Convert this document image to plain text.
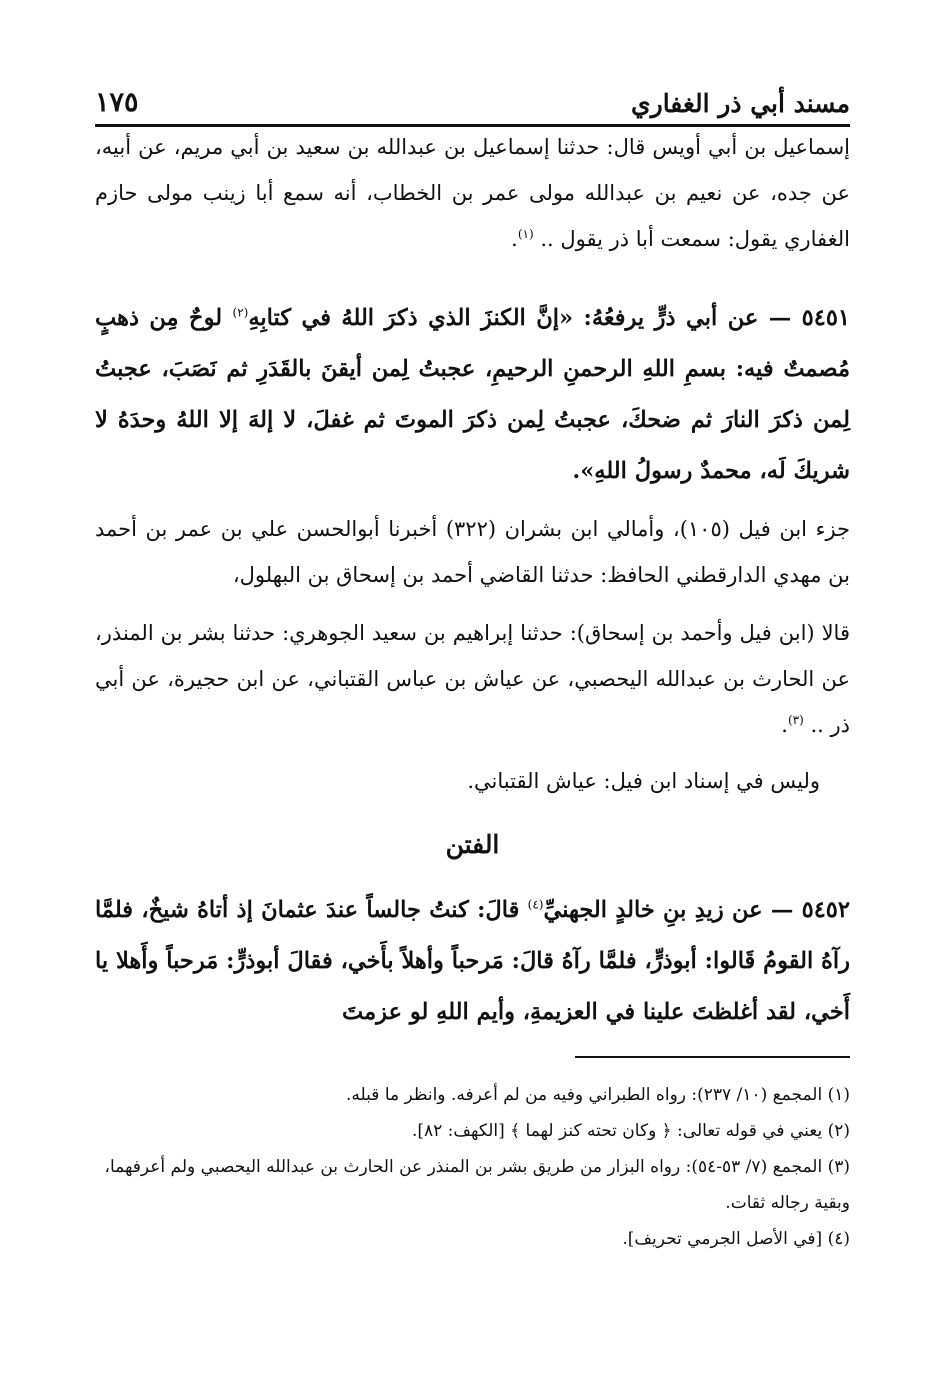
مسند أبي ذر الغفاري
١٧٥

إسماعيل بن أبي أويس قال: حدثنا إسماعيل بن عبدالله بن سعيد بن أبي مريم، عن أبيه، عن جده، عن نعيم بن عبدالله مولى عمر بن الخطاب، أنه سمع أبا زينب مولى حازم الغفاري يقول: سمعت أبا ذر يقول .. $^{(١)}$.

٥٤٥١ — عن أبي ذرٍّ يرفعُهُ: «إنَّ الكنزَ الذي ذكرَ اللهُ في كتابِهِ$^{(٢)}$ لوحٌ مِن ذهبٍ مُصمتٌ فيه: بسمِ اللهِ الرحمنِ الرحيمِ، عجبتُ لِمن أيقنَ بالقَدَرِ ثم نَصَبَ، عجبتُ لِمن ذكرَ النارَ ثم ضحكَ، عجبتُ لِمن ذكرَ الموتَ ثم غفلَ، لا إلهَ إلا اللهُ وحدَهُ لا شريكَ لَه، محمدٌ رسولُ اللهِ».

جزء ابن فيل (١٠٥)، وأمالي ابن بشران (٣٢٢) أخبرنا أبوالحسن علي بن عمر بن أحمد بن مهدي الدارقطني الحافظ: حدثنا القاضي أحمد بن إسحاق بن البهلول،

قالا (ابن فيل وأحمد بن إسحاق): حدثنا إبراهيم بن سعيد الجوهري: حدثنا بشر بن المنذر، عن الحارث بن عبدالله اليحصبي، عن عياش بن عباس القتباني، عن ابن حجيرة، عن أبي ذر .. $^{(٣)}$.

وليس في إسناد ابن فيل: عياش القتباني.

الفتن

٥٤٥٢ — عن زيدِ بنِ خالدٍ الجهنيِّ$^{(٤)}$ قالَ: كنتُ جالساً عندَ عثمانَ إذ أتاهُ شيخٌ، فلمَّا رآهُ القومُ قَالوا: أبوذرٍّ، فلمَّا رآهُ قالَ: مَرحباً وأهلاً بأَخي، فقالَ أبوذرٍّ: مَرحباً وأَهلا يا أَخي، لقد أغلظتَ علينا في العزيمةِ، وأيم اللهِ لو عزمتَ

(١) المجمع (١٠/ ٢٣٧): رواه الطبراني وفيه من لم أعرفه. وانظر ما قبله.
(٢) يعني في قوله تعالى: ﴿ وكان تحته كنز لهما ﴾ [الكهف: ٨٢].
(٣) المجمع (٧/ ٥٣-٥٤): رواه البزار من طريق بشر بن المنذر عن الحارث بن عبدالله اليحصبي ولم أعرفهما، وبقية رجاله ثقات.
(٤) [في الأصل الجرمي تحريف].
